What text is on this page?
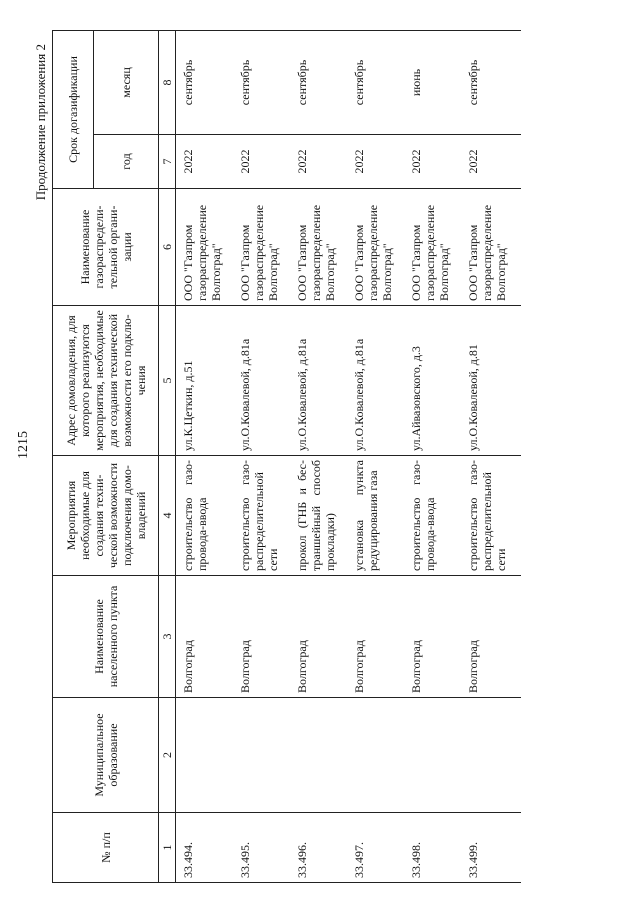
1215
Продолжение приложения 2
№ п/п	Муниципальное образование	Наименование населенного пункта	Мероприятия необходимые для создания техни-ческой возможности подключения домо-владений	Адрес домовладения, для которого реализуются мероприятия, необходимые для создания технической возможности его подклю-чения	Наименование газораспредели-тельной органи-зации	Срок догазификации	
						год	месяц
1	2	3	4	5	6	7	8
33.494.		Волгоград	строительство газо-провода-ввода	ул.К.Цеткин, д.51	ООО "Газпром газораспределение Волгоград"	2022	сентябрь
33.495.		Волгоград	строительство газо-распределительной сети	ул.О.Ковалевой, д.81а	ООО "Газпром газораспределение Волгоград"	2022	сентябрь
33.496.		Волгоград	прокол (ГНБ и бес-траншейный способ прокладки)	ул.О.Ковалевой, д.81а	ООО "Газпром газораспределение Волгоград"	2022	сентябрь
33.497.		Волгоград	установка пункта редуцирования газа	ул.О.Ковалевой, д.81а	ООО "Газпром газораспределение Волгоград"	2022	сентябрь
33.498.		Волгоград	строительство газо-провода-ввода	ул.Айвазовского, д.3	ООО "Газпром газораспределение Волгоград"	2022	июнь
33.499.		Волгоград	строительство газо-распределительной сети	ул.О.Ковалевой, д.81	ООО "Газпром газораспределение Волгоград"	2022	сентябрь
